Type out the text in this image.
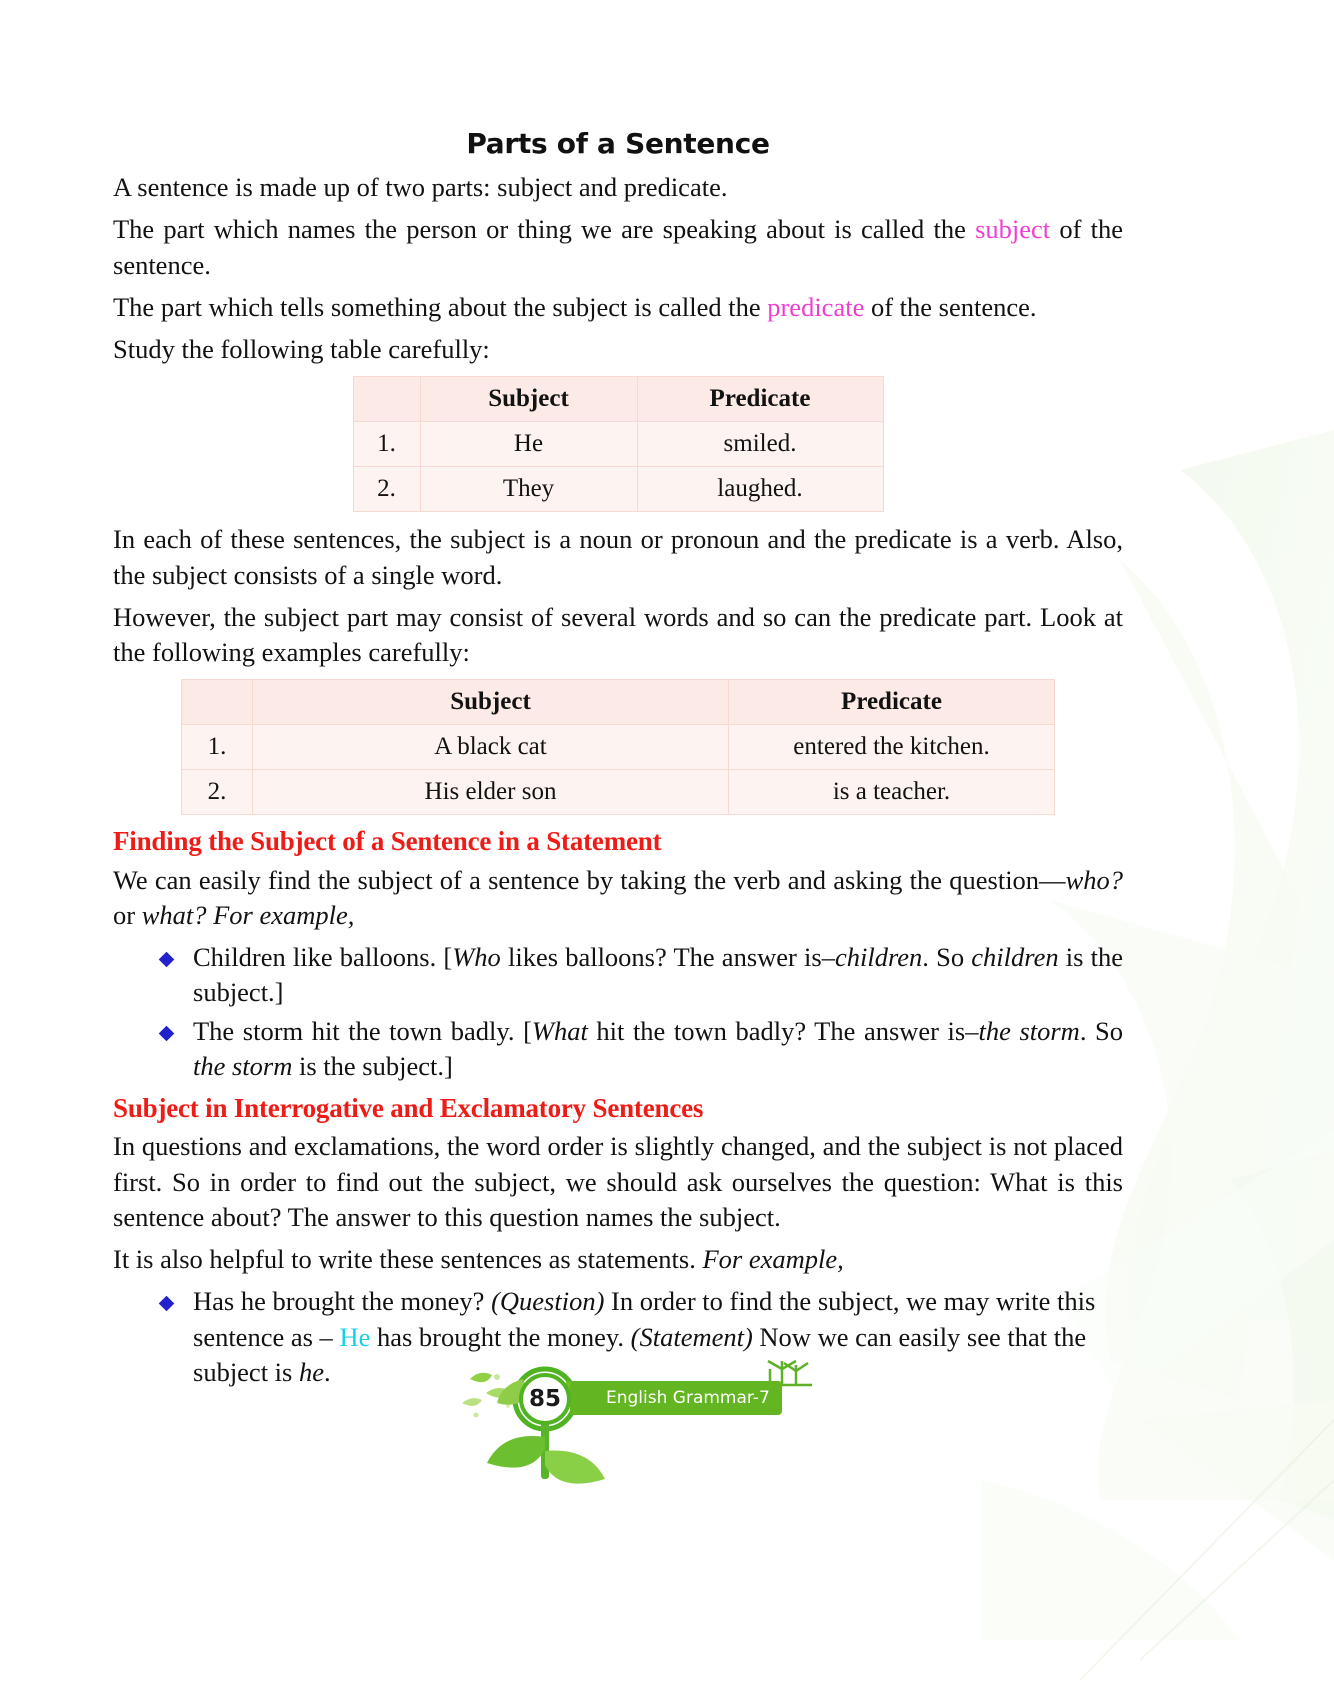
Parts of a Sentence

A sentence is made up of two parts: subject and predicate.

The part which names the person or thing we are speaking about is called the subject of the sentence.

The part which tells something about the subject is called the predicate of the sentence.

Study the following table carefully:

	Subject	Predicate
1.	He	smiled.
2.	They	laughed.

In each of these sentences, the subject is a noun or pronoun and the predicate is a verb. Also, the subject consists of a single word.

However, the subject part may consist of several words and so can the predicate part. Look at the following examples carefully:

	Subject	Predicate
1.	A black cat	entered the kitchen.
2.	His elder son	is a teacher.
Finding the Subject of a Sentence in a Statement

We can easily find the subject of a sentence by taking the verb and asking the question—who? or what? For example,

Children like balloons. [Who likes balloons? The answer is–children. So children is the subject.]
The storm hit the town badly. [What hit the town badly? The answer is–the storm. So the storm is the subject.]
Subject in Interrogative and Exclamatory Sentences

In questions and exclamations, the word order is slightly changed, and the subject is not placed first. So in order to find out the subject, we should ask ourselves the question: What is this sentence about? The answer to this question names the subject.

It is also helpful to write these sentences as statements. For example,

Has he brought the money? (Question) In order to find the subject, we may write this sentence as – He has brought the money. (Statement) Now we can easily see that the subject is he.
85	English Grammar-7
